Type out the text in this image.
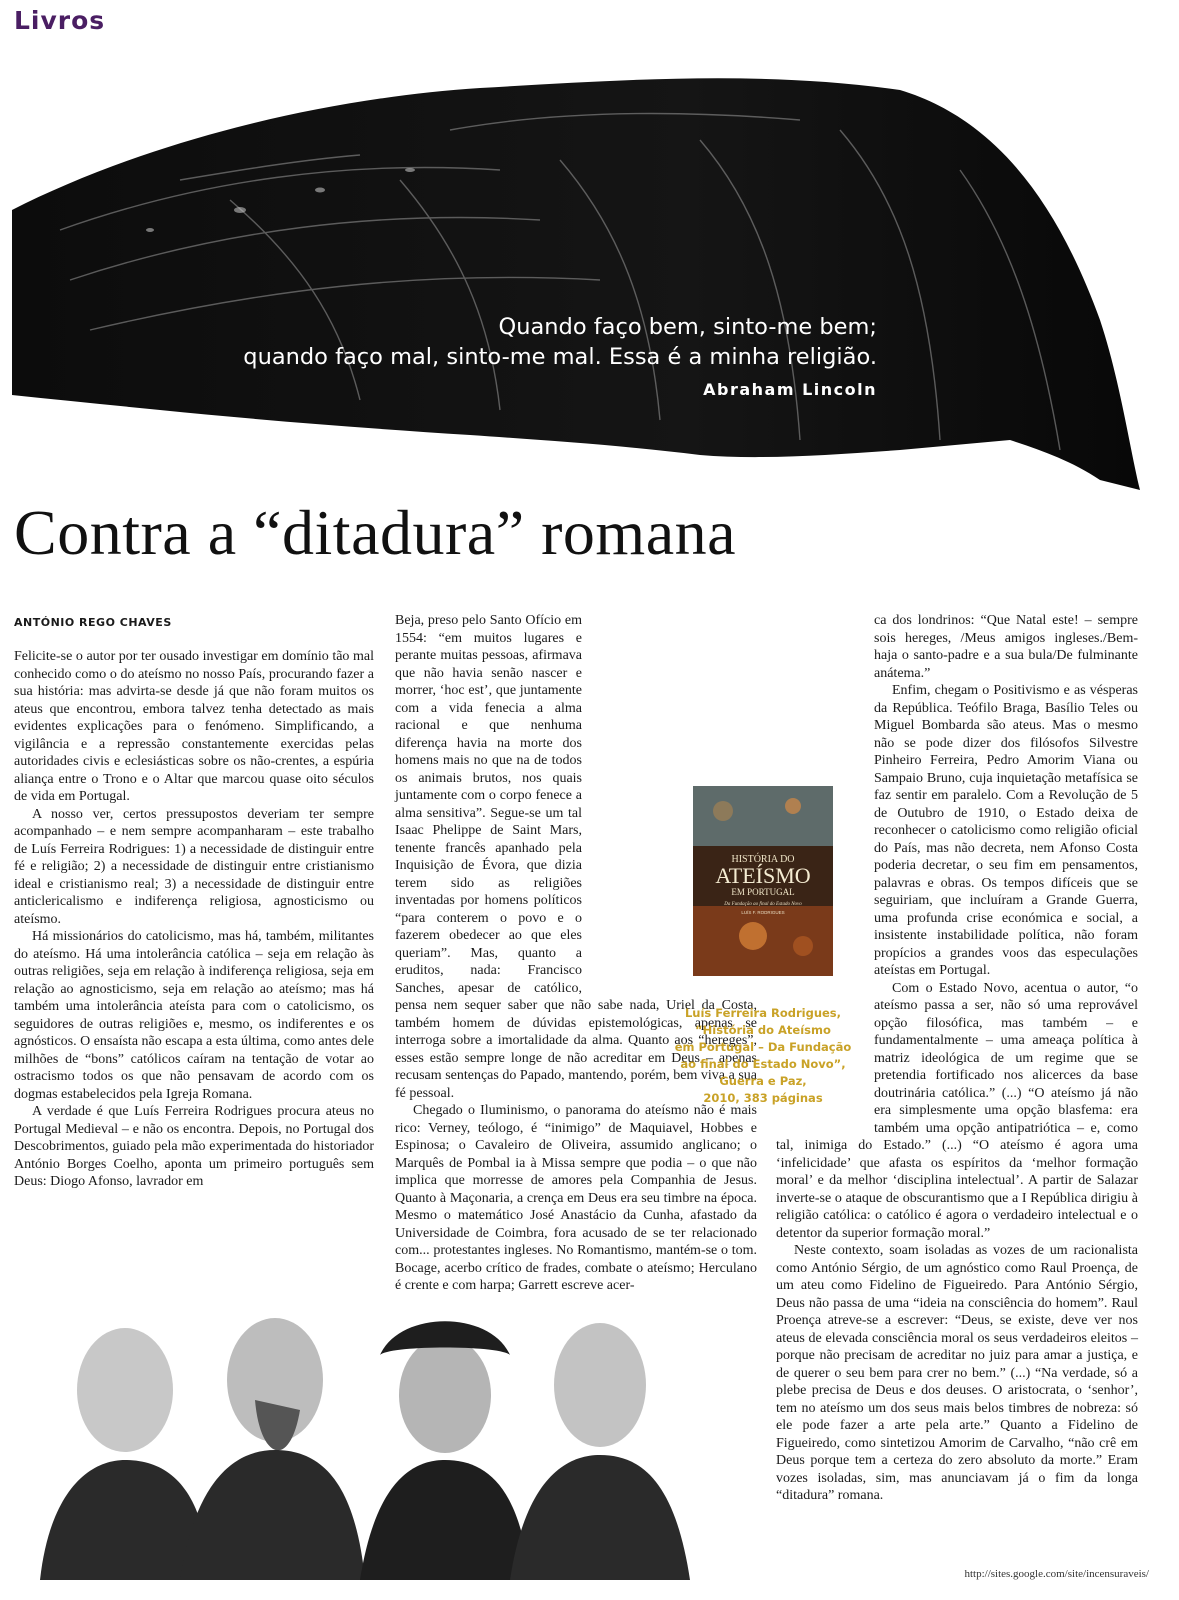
Livros
Quando faço bem, sinto-me bem;
quando faço mal, sinto-me mal. Essa é a minha religião.
Abraham Lincoln
Contra a “ditadura” romana
ANTÓNIO REGO CHAVES

Felicite-se o autor por ter ousado investigar em domínio tão mal conhecido como o do ateísmo no nosso País, procurando fazer a sua história: mas advirta-se desde já que não foram muitos os ateus que encontrou, embora talvez tenha detectado as mais evidentes explicações para o fenómeno. Simplificando, a vigilância e a repressão constantemente exercidas pelas autoridades civis e eclesiásticas sobre os não-crentes, a espúria aliança entre o Trono e o Altar que marcou quase oito séculos de vida em Portugal.

A nosso ver, certos pressupostos deveriam ter sempre acompanhado – e nem sempre acompanharam – este trabalho de Luís Ferreira Rodrigues: 1) a necessidade de distinguir entre fé e religião; 2) a necessidade de distinguir entre cristianismo ideal e cristianismo real; 3) a necessidade de distinguir entre anticlericalismo e indiferença religiosa, agnosticismo ou ateísmo.

Há missionários do catolicismo, mas há, também, militantes do ateísmo. Há uma intolerância católica – seja em relação às outras religiões, seja em relação à indiferença religiosa, seja em relação ao agnosticismo, seja em relação ao ateísmo; mas há também uma intolerância ateísta para com o catolicismo, os seguidores de outras religiões e, mesmo, os indiferentes e os agnósticos. O ensaísta não escapa a esta última, como antes dele milhões de “bons” católicos caíram na tentação de votar ao ostracismo todos os que não pensavam de acordo com os dogmas estabelecidos pela Igreja Romana.

A verdade é que Luís Ferreira Rodrigues procura ateus no Portugal Medieval – e não os encontra. Depois, no Portugal dos Descobrimentos, guiado pela mão experimentada do historiador António Borges Coelho, aponta um primeiro português sem Deus: Diogo Afonso, lavrador em

Beja, preso pelo Santo Ofício em 1554: “em muitos lugares e perante muitas pessoas, afirmava que não havia senão nascer e morrer, ‘hoc est’, que juntamente com a vida fenecia a alma racional e que nenhuma diferença havia na morte dos homens mais no que na de todos os animais brutos, nos quais juntamente com o corpo fenece a alma sensitiva”. Segue-se um tal Isaac Phelippe de Saint Mars, tenente francês apanhado pela Inquisição de Évora, que dizia terem sido as religiões inventadas por homens políticos “para conterem o povo e o fazerem obedecer ao que eles queriam”. Mas, quanto a eruditos, nada: Francisco Sanches, apesar de católico, pensa nem sequer saber que não sabe nada, Uriel da Costa, também homem de dúvidas epistemológicas, apenas se interroga sobre a imortalidade da alma. Quanto aos “hereges”, esses estão sempre longe de não acreditar em Deus – apenas recusam sentenças do Papado, mantendo, porém, bem viva a sua fé pessoal.

Chegado o Iluminismo, o panorama do ateísmo não é mais rico: Verney, teólogo, é “inimigo” de Maquiavel, Hobbes e Espinosa; o Cavaleiro de Oliveira, assumido anglicano; o Marquês de Pombal ia à Missa sempre que podia – o que não implica que morresse de amores pela Companhia de Jesus. Quanto à Maçonaria, a crença em Deus era seu timbre na época. Mesmo o matemático José Anastácio da Cunha, afastado da Universidade de Coimbra, fora acusado de se ter relacionado com... protestantes ingleses. No Romantismo, mantém-se o tom. Bocage, acerbo crítico de frades, combate o ateísmo; Herculano é crente e com harpa; Garrett escreve acer-

ca dos londrinos: “Que Natal este! – sempre sois hereges, /Meus amigos ingleses./Bem-haja o santo-padre e a sua bula/De fulminante anátema.”

Enfim, chegam o Positivismo e as vésperas da República. Teófilo Braga, Basílio Teles ou Miguel Bombarda são ateus. Mas o mesmo não se pode dizer dos filósofos Silvestre Pinheiro Ferreira, Pedro Amorim Viana ou Sampaio Bruno, cuja inquietação metafísica se faz sentir em paralelo. Com a Revolução de 5 de Outubro de 1910, o Estado deixa de reconhecer o catolicismo como religião oficial do País, mas não decreta, nem Afonso Costa poderia decretar, o seu fim em pensamentos, palavras e obras. Os tempos difíceis que se seguiriam, que incluíram a Grande Guerra, uma profunda crise económica e social, a insistente instabilidade política, não foram propícios a grandes voos das especulações ateístas em Portugal.

Com o Estado Novo, acentua o autor, “o ateísmo passa a ser, não só uma reprovável opção filosófica, mas também – e fundamentalmente – uma ameaça política à matriz ideológica de um regime que se pretendia fortificado nos alicerces da base doutrinária católica.” (...) “O ateísmo já não era simplesmente uma opção blasfema: era também uma opção antipatriótica – e, como tal, inimiga do Estado.” (...) “O ateísmo é agora uma ‘infelicidade’ que afasta os espíritos da ‘melhor formação moral’ e da melhor ‘disciplina intelectual’. A partir de Salazar inverte-se o ataque de obscurantismo que a I República dirigiu à religião católica: o católico é agora o verdadeiro intelectual e o detentor da superior formação moral.”

Neste contexto, soam isoladas as vozes de um racionalista como António Sérgio, de um agnóstico como Raul Proença, de um ateu como Fidelino de Figueiredo. Para António Sérgio, Deus não passa de uma “ideia na consciência do homem”. Raul Proença atreve-se a escrever: “Deus, se existe, deve ver nos ateus de elevada consciência moral os seus verdadeiros eleitos – porque não precisam de acreditar no juiz para amar a justiça, e de querer o seu bem para crer no bem.” (...) “Na verdade, só a plebe precisa de Deus e dos deuses. O aristocrata, o ‘senhor’, tem no ateísmo um dos seus mais belos timbres de nobreza: só ele pode fazer a arte pela arte.” Quanto a Fidelino de Figueiredo, como sintetizou Amorim de Carvalho, “não crê em Deus porque tem a certeza do zero absoluto da morte.” Eram vozes isoladas, sim, mas anunciavam já o fim da longa “ditadura” romana.

HISTÓRIA DO
ATEÍSMO
EM PORTUGAL
Da Fundação ao final do Estado Novo
LUÍS F. RODRIGUES
Luís Ferreira Rodrigues,
“História do Ateísmo
em Portugal – Da Fundação
ao final do Estado Novo”,
Guerra e Paz,
2010, 383 páginas
http://sites.google.com/site/incensuraveis/
